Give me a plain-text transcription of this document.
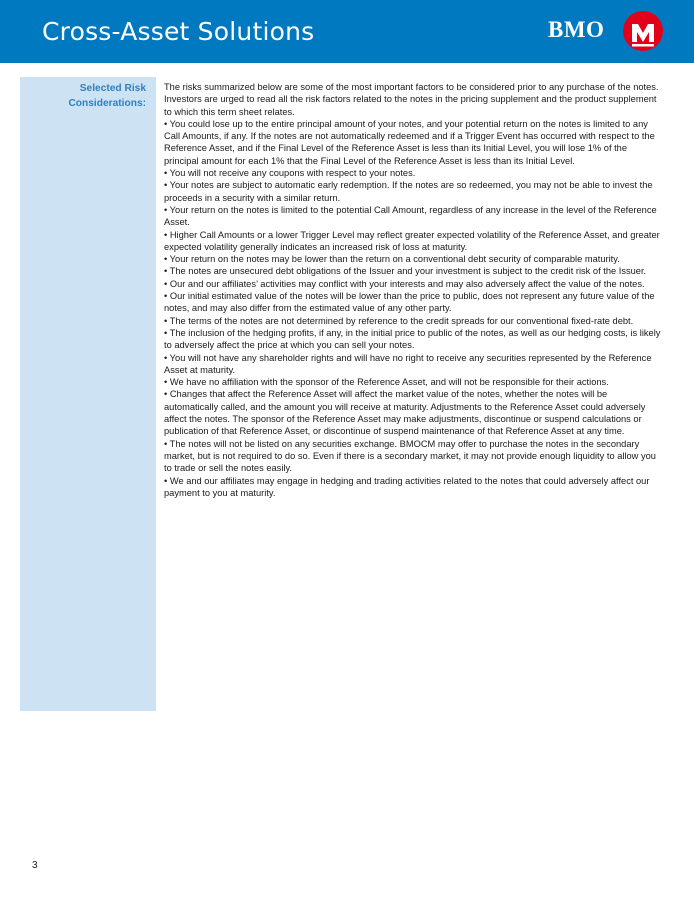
Cross-Asset Solutions	BMO
Selected Risk Considerations:

The risks summarized below are some of the most important factors to be considered prior to any purchase of the notes. Investors are urged to read all the risk factors related to the notes in the pricing supplement and the product supplement to which this term sheet relates.

• You could lose up to the entire principal amount of your notes, and your potential return on the notes is limited to any Call Amounts, if any. If the notes are not automatically redeemed and if a Trigger Event has occurred with respect to the Reference Asset, and if the Final Level of the Reference Asset is less than its Initial Level, you will lose 1% of the principal amount for each 1% that the Final Level of the Reference Asset is less than its Initial Level.

• You will not receive any coupons with respect to your notes.

• Your notes are subject to automatic early redemption. If the notes are so redeemed, you may not be able to invest the proceeds in a security with a similar return.

• Your return on the notes is limited to the potential Call Amount, regardless of any increase in the level of the Reference Asset.

• Higher Call Amounts or a lower Trigger Level may reflect greater expected volatility of the Reference Asset, and greater expected volatility generally indicates an increased risk of loss at maturity.

• Your return on the notes may be lower than the return on a conventional debt security of comparable maturity.

• The notes are unsecured debt obligations of the Issuer and your investment is subject to the credit risk of the Issuer.

• Our and our affiliates’ activities may conflict with your interests and may also adversely affect the value of the notes.

• Our initial estimated value of the notes will be lower than the price to public, does not represent any future value of the notes, and may also differ from the estimated value of any other party.

• The terms of the notes are not determined by reference to the credit spreads for our conventional fixed-rate debt.

• The inclusion of the hedging profits, if any, in the initial price to public of the notes, as well as our hedging costs, is likely to adversely affect the price at which you can sell your notes.

• You will not have any shareholder rights and will have no right to receive any securities represented by the Reference Asset at maturity.

• We have no affiliation with the sponsor of the Reference Asset, and will not be responsible for their actions.

• Changes that affect the Reference Asset will affect the market value of the notes, whether the notes will be automatically called, and the amount you will receive at maturity. Adjustments to the Reference Asset could adversely affect the notes. The sponsor of the Reference Asset may make adjustments, discontinue or suspend calculations or publication of that Reference Asset, or discontinue of suspend maintenance of that Reference Asset at any time.

• The notes will not be listed on any securities exchange. BMOCM may offer to purchase the notes in the secondary market, but is not required to do so. Even if there is a secondary market, it may not provide enough liquidity to allow you to trade or sell the notes easily.

• We and our affiliates may engage in hedging and trading activities related to the notes that could adversely affect our payment to you at maturity.

3
